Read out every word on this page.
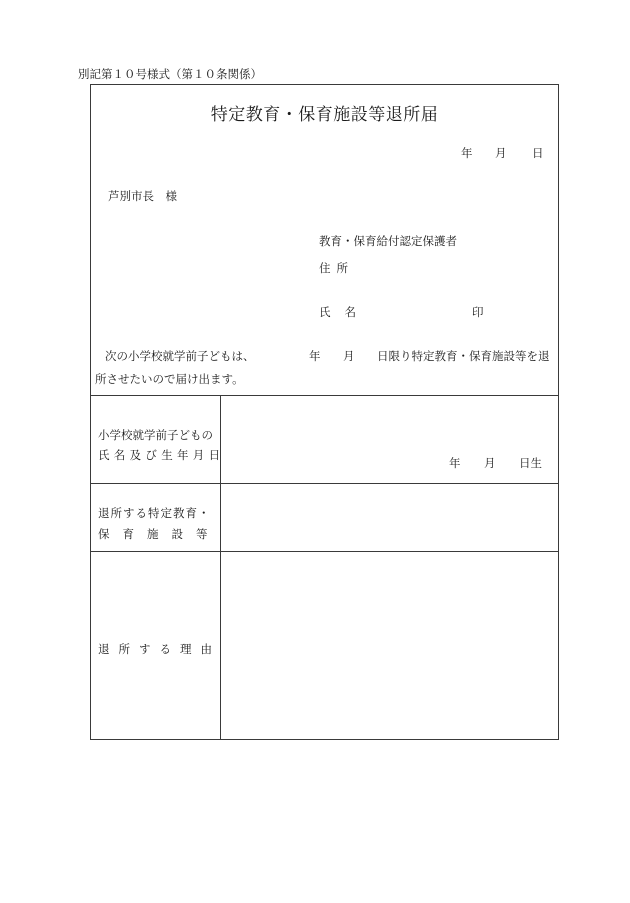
別記第１０号様式（第１０条関係）
特定教育・保育施設等退所届
年 月 日
芦別市長　様
教育・保育給付認定保護者
住所
氏名	印
次の小学校就学前子どもは、	年 月 日限り特定教育・保育施設等を退
所させたいので届け出ます。
小学校就学前子どもの
氏名及び生年月日
年 月 日生
退所する特定教育・
保育施設等
退所する理由
